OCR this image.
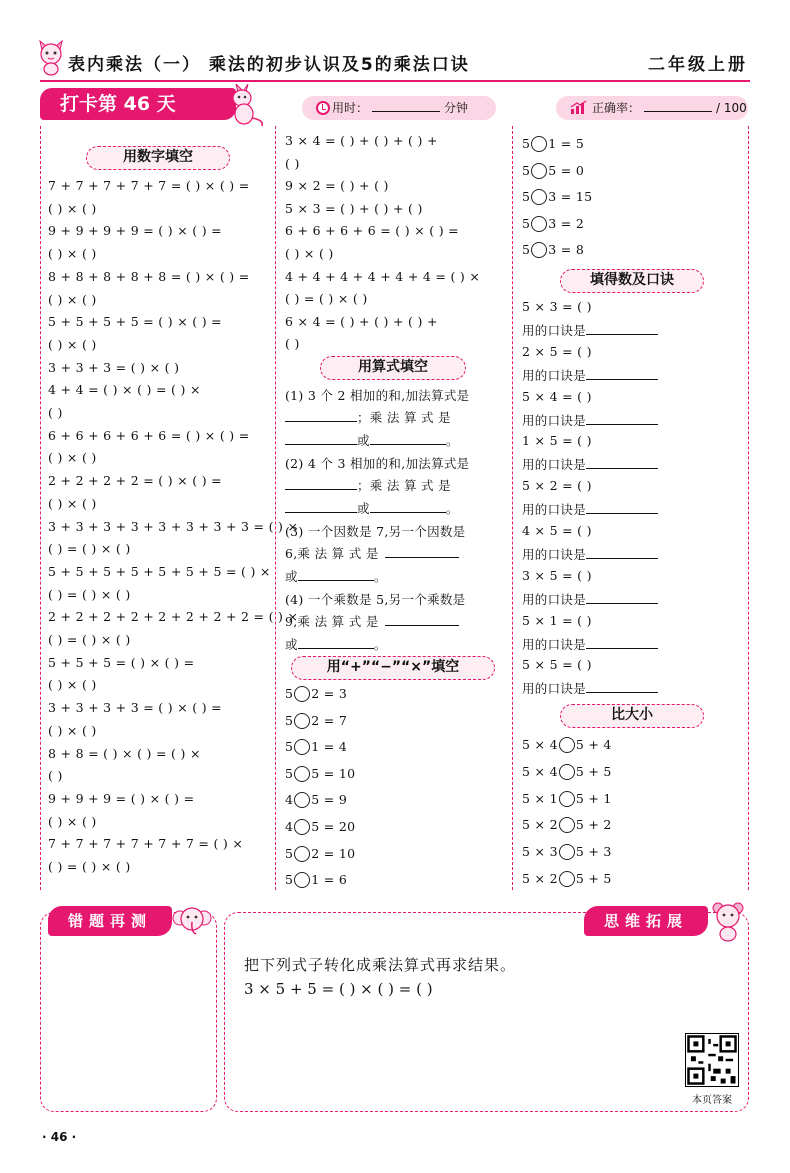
表内乘法（一） 乘法的初步认识及5的乘法口诀	二年级上册
打卡第 46 天	用时：	分钟	正确率：	/ 100
用数字填空
7 + 7 + 7 + 7 + 7 = ( ) × ( ) =
( ) × ( )
9 + 9 + 9 + 9 = ( ) × ( ) =
( ) × ( )
8 + 8 + 8 + 8 + 8 = ( ) × ( ) =
( ) × ( )
5 + 5 + 5 + 5 = ( ) × ( ) =
( ) × ( )
3 + 3 + 3 = ( ) × ( )
4 + 4 = ( ) × ( ) = ( ) ×
( )
6 + 6 + 6 + 6 + 6 = ( ) × ( ) =
( ) × ( )
2 + 2 + 2 + 2 = ( ) × ( ) =
( ) × ( )
3 + 3 + 3 + 3 + 3 + 3 + 3 + 3 = ( ) ×
( ) = ( ) × ( )
5 + 5 + 5 + 5 + 5 + 5 + 5 = ( ) ×
( ) = ( ) × ( )
2 + 2 + 2 + 2 + 2 + 2 + 2 + 2 = ( ) ×
( ) = ( ) × ( )
5 + 5 + 5 = ( ) × ( ) =
( ) × ( )
3 + 3 + 3 + 3 = ( ) × ( ) =
( ) × ( )
8 + 8 = ( ) × ( ) = ( ) ×
( )
9 + 9 + 9 = ( ) × ( ) =
( ) × ( )
7 + 7 + 7 + 7 + 7 + 7 = ( ) ×
( ) = ( ) × ( )
3 × 4 = ( ) + ( ) + ( ) +
( )
9 × 2 = ( ) + ( )
5 × 3 = ( ) + ( ) + ( )
6 + 6 + 6 + 6 = ( ) × ( ) =
( ) × ( )
4 + 4 + 4 + 4 + 4 + 4 = ( ) ×
( ) = ( ) × ( )
6 × 4 = ( ) + ( ) + ( ) +
( )
用算式填空
(1) 3 个 2 相加的和,加法算式是
；乘 法 算 式 是
或	。
(2) 4 个 3 相加的和,加法算式是
；乘 法 算 式 是
或	。
(3) 一个因数是 7,另一个因数是
6,乘 法 算 式 是
或	。
(4) 一个乘数是 5,另一个乘数是
9,乘 法 算 式 是
或	。
用“+”“−”“×”填空
5 2 = 3
5 2 = 7
5 1 = 4
5 5 = 10
4 5 = 9
4 5 = 20
5 2 = 10
5 1 = 6
5 1 = 5
5 5 = 0
5 3 = 15
5 3 = 2
5 3 = 8
填得数及口诀
5 × 3 = ( )
用的口诀是
2 × 5 = ( )
用的口诀是
5 × 4 = ( )
用的口诀是
1 × 5 = ( )
用的口诀是
5 × 2 = ( )
用的口诀是
4 × 5 = ( )
用的口诀是
3 × 5 = ( )
用的口诀是
5 × 1 = ( )
用的口诀是
5 × 5 = ( )
用的口诀是
比大小
5 × 4 5 + 4
5 × 4 5 + 5
5 × 1 5 + 1
5 × 2 5 + 2
5 × 3 5 + 3
5 × 2 5 + 5
错题再测	思维拓展
把下列式子转化成乘法算式再求结果。
3 × 5 + 5 = ( ) × ( ) = ( )
本页答案
· 46 ·
